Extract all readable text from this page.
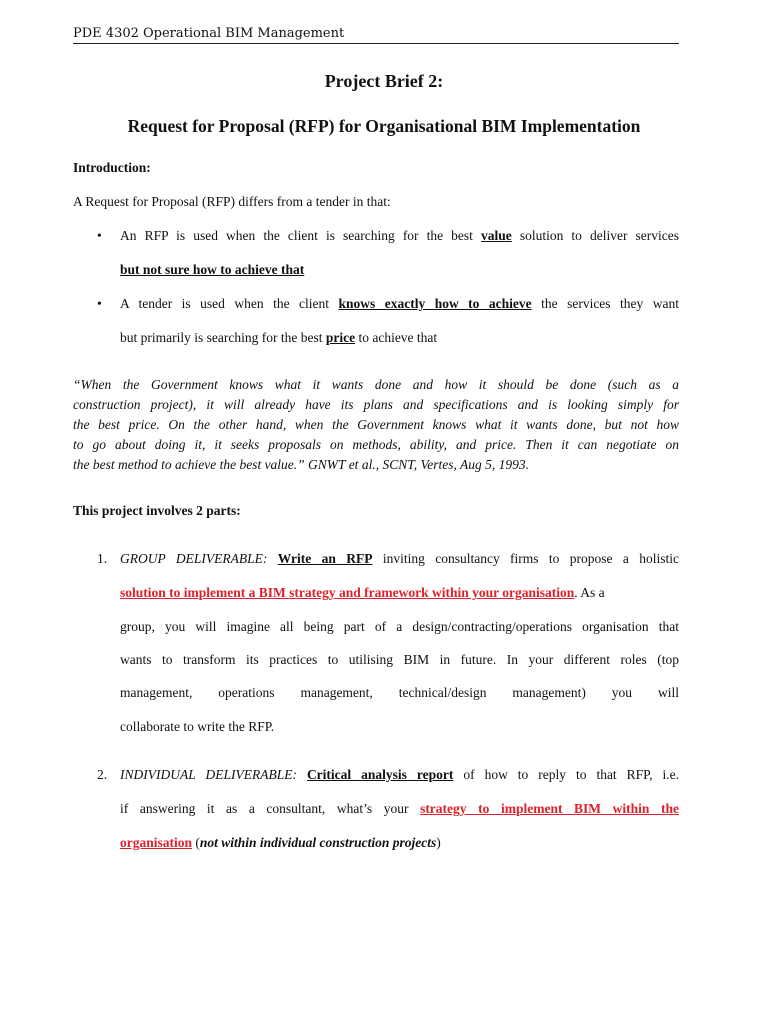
PDE 4302 Operational BIM Management
Project Brief 2:
Request for Proposal (RFP) for Organisational BIM Implementation
Introduction:
A Request for Proposal (RFP) differs from a tender in that:
• An RFP is used when the client is searching for the best value solution to deliver services
but not sure how to achieve that
• A tender is used when the client knows exactly how to achieve the services they want
but primarily is searching for the best price to achieve that
“When the Government knows what it wants done and how it should be done (such as a
construction project), it will already have its plans and specifications and is looking simply for
the best price. On the other hand, when the Government knows what it wants done, but not how
to go about doing it, it seeks proposals on methods, ability, and price. Then it can negotiate on
the best method to achieve the best value.” GNWT et al., SCNT, Vertes, Aug 5, 1993.
This project involves 2 parts:
1. GROUP DELIVERABLE: Write an RFP inviting consultancy firms to propose a holistic
solution to implement a BIM strategy and framework within your organisation. As a
group, you will imagine all being part of a design/contracting/operations organisation that
wants to transform its practices to utilising BIM in future. In your different roles (top
management, operations management, technical/design management) you will
collaborate to write the RFP.
2. INDIVIDUAL DELIVERABLE: Critical analysis report of how to reply to that RFP, i.e.
if answering it as a consultant, what’s your strategy to implement BIM within the
organisation (not within individual construction projects)
